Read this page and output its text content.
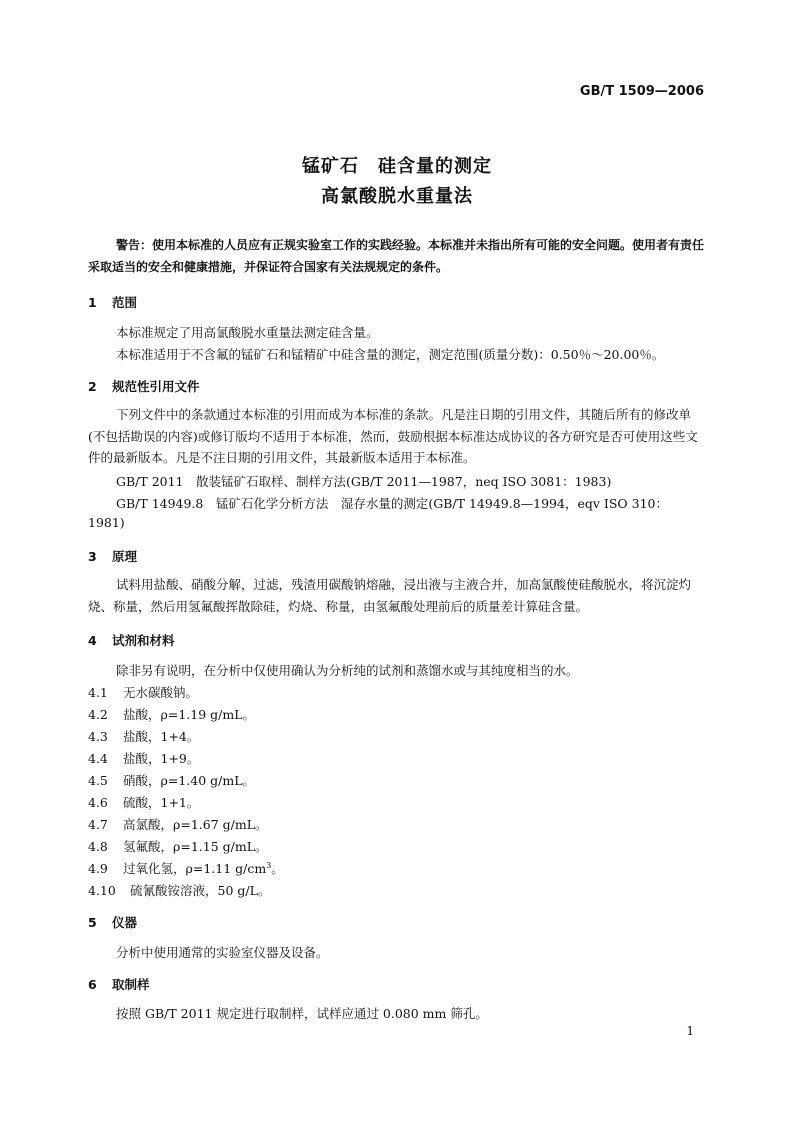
GB/T 1509—2006
锰矿石　硅含量的测定
高氯酸脱水重量法
警告：使用本标准的人员应有正规实验室工作的实践经验。本标准并未指出所有可能的安全问题。使用者有责任采取适当的安全和健康措施，并保证符合国家有关法规规定的条件。
1 范围
本标准规定了用高氯酸脱水重量法测定硅含量。
本标准适用于不含氟的锰矿石和锰精矿中硅含量的测定，测定范围(质量分数)：0.50％～20.00％。
2 规范性引用文件
下列文件中的条款通过本标准的引用而成为本标准的条款。凡是注日期的引用文件，其随后所有的修改单(不包括勘误的内容)或修订版均不适用于本标准，然而，鼓励根据本标准达成协议的各方研究是否可使用这些文件的最新版本。凡是不注日期的引用文件，其最新版本适用于本标准。
GB/T 2011　散装锰矿石取样、制样方法(GB/T 2011—1987，neq ISO 3081：1983)
GB/T 14949.8　锰矿石化学分析方法　湿存水量的测定(GB/T 14949.8—1994，eqv ISO 310：
1981)
3 原理
试料用盐酸、硝酸分解，过滤，残渣用碳酸钠熔融，浸出液与主液合并，加高氯酸使硅酸脱水，将沉淀灼烧、称量，然后用氢氟酸挥散除硅，灼烧、称量，由氢氟酸处理前后的质量差计算硅含量。
4 试剂和材料
除非另有说明，在分析中仅使用确认为分析纯的试剂和蒸馏水或与其纯度相当的水。
4.1 无水碳酸钠。
4.2 盐酸，ρ=1.19 g/mL。
4.3 盐酸，1+4。
4.4 盐酸，1+9。
4.5 硝酸，ρ=1.40 g/mL。
4.6 硫酸，1+1。
4.7 高氯酸，ρ=1.67 g/mL。
4.8 氢氟酸，ρ=1.15 g/mL。
4.9 过氧化氢，ρ=1.11 $g/cm^3$。
4.10 硫氰酸铵溶液，50 g/L。
5 仪器
分析中使用通常的实验室仪器及设备。
6 取制样
按照 GB/T 2011 规定进行取制样，试样应通过 0.080 mm 筛孔。
1
